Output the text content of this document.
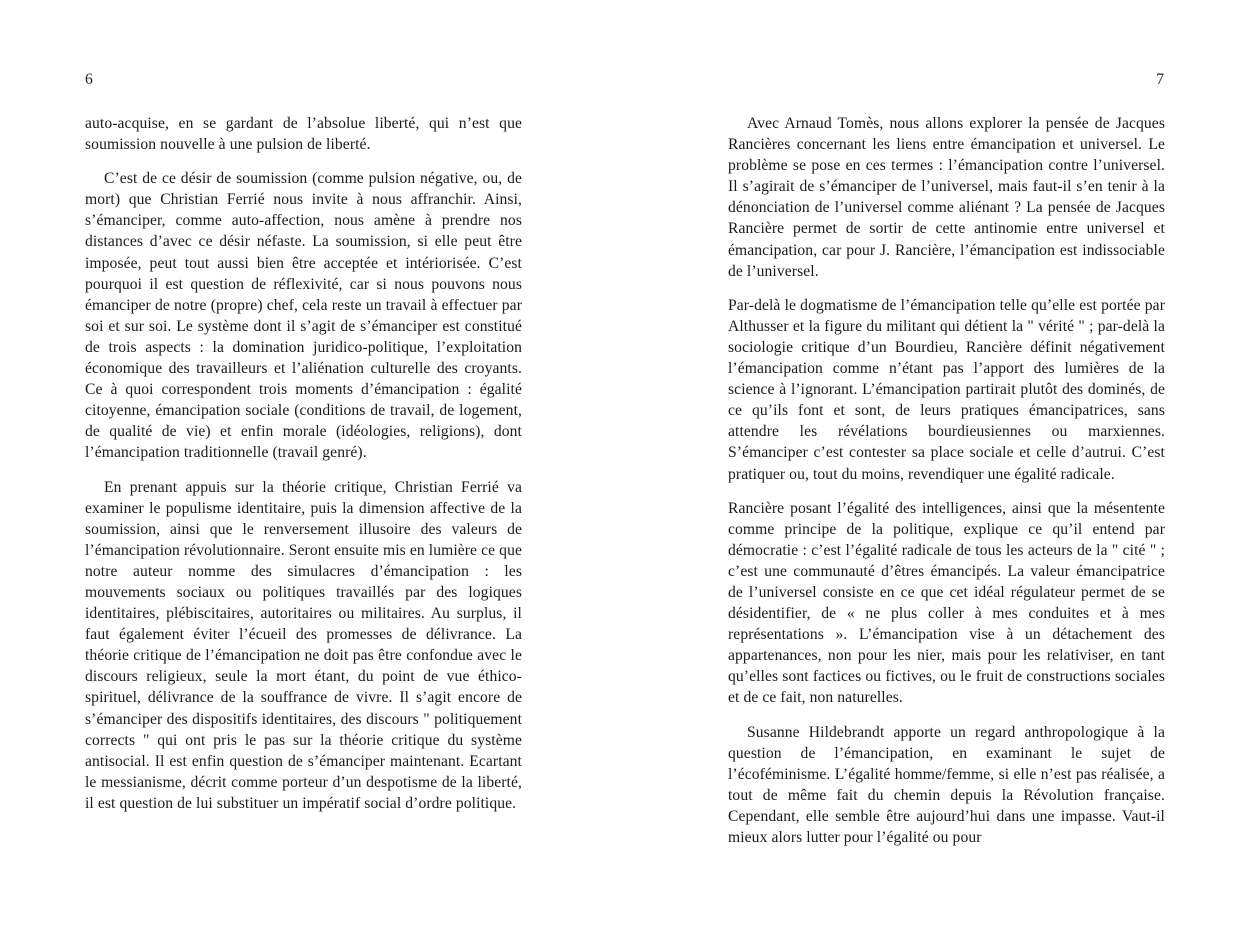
6

auto-acquise, en se gardant de l’absolue liberté, qui n’est que soumission nouvelle à une pulsion de liberté.

C’est de ce désir de soumission (comme pulsion négative, ou, de mort) que Christian Ferrié nous invite à nous affranchir. Ainsi, s’émanciper, comme auto-affection, nous amène à prendre nos distances d’avec ce désir néfaste. La soumission, si elle peut être imposée, peut tout aussi bien être acceptée et intériorisée. C’est pourquoi il est question de réflexivité, car si nous pouvons nous émanciper de notre (propre) chef, cela reste un travail à effectuer par soi et sur soi. Le système dont il s’agit de s’émanciper est constitué de trois aspects : la domination juridico-politique, l’exploitation économique des travailleurs et l’aliénation culturelle des croyants. Ce à quoi correspondent trois moments d’émancipation : égalité citoyenne, émancipation sociale (conditions de travail, de logement, de qualité de vie) et enfin morale (idéologies, religions), dont l’émancipation traditionnelle (travail genré).

En prenant appuis sur la théorie critique, Christian Ferrié va examiner le populisme identitaire, puis la dimension affective de la soumission, ainsi que le renversement illusoire des valeurs de l’émancipation révolutionnaire. Seront ensuite mis en lumière ce que notre auteur nomme des simulacres d’émancipation : les mouvements sociaux ou politiques travaillés par des logiques identitaires, plébiscitaires, autoritaires ou militaires. Au surplus, il faut également éviter l’écueil des promesses de délivrance. La théorie critique de l’émancipation ne doit pas être confondue avec le discours religieux, seule la mort étant, du point de vue éthico-spirituel, délivrance de la souffrance de vivre. Il s’agit encore de s’émanciper des dispositifs identitaires, des discours " politiquement corrects " qui ont pris le pas sur la théorie critique du système antisocial. Il est enfin question de s’émanciper maintenant. Ecartant le messianisme, décrit comme porteur d’un despotisme de la liberté, il est question de lui substituer un impératif social d’ordre politique.

7

Avec Arnaud Tomès, nous allons explorer la pensée de Jacques Rancières concernant les liens entre émancipation et universel. Le problème se pose en ces termes : l’émancipation contre l’universel. Il s’agirait de s’émanciper de l’universel, mais faut-il s’en tenir à la dénonciation de l’universel comme aliénant ? La pensée de Jacques Rancière permet de sortir de cette antinomie entre universel et émancipation, car pour J. Rancière, l’émancipation est indissociable de l’universel.

Par-delà le dogmatisme de l’émancipation telle qu’elle est portée par Althusser et la figure du militant qui détient la " vérité " ; par-delà la sociologie critique d’un Bourdieu, Rancière définit négativement l’émancipation comme n’étant pas l’apport des lumières de la science à l’ignorant. L’émancipation partirait plutôt des dominés, de ce qu’ils font et sont, de leurs pratiques émancipatrices, sans attendre les révélations bourdieusiennes ou marxiennes. S’émanciper c’est contester sa place sociale et celle d’autrui. C’est pratiquer ou, tout du moins, revendiquer une égalité radicale.

Rancière posant l’égalité des intelligences, ainsi que la mésentente comme principe de la politique, explique ce qu’il entend par démocratie : c’est l’égalité radicale de tous les acteurs de la " cité " ; c’est une communauté d’êtres émancipés. La valeur émancipatrice de l’universel consiste en ce que cet idéal régulateur permet de se désidentifier, de « ne plus coller à mes conduites et à mes représentations ». L’émancipation vise à un détachement des appartenances, non pour les nier, mais pour les relativiser, en tant qu’elles sont factices ou fictives, ou le fruit de constructions sociales et de ce fait, non naturelles.

Susanne Hildebrandt apporte un regard anthropologique à la question de l’émancipation, en examinant le sujet de l’écoféminisme. L’égalité homme/femme, si elle n’est pas réalisée, a tout de même fait du chemin depuis la Révolution française. Cependant, elle semble être aujourd’hui dans une impasse. Vaut-il mieux alors lutter pour l’égalité ou pour
